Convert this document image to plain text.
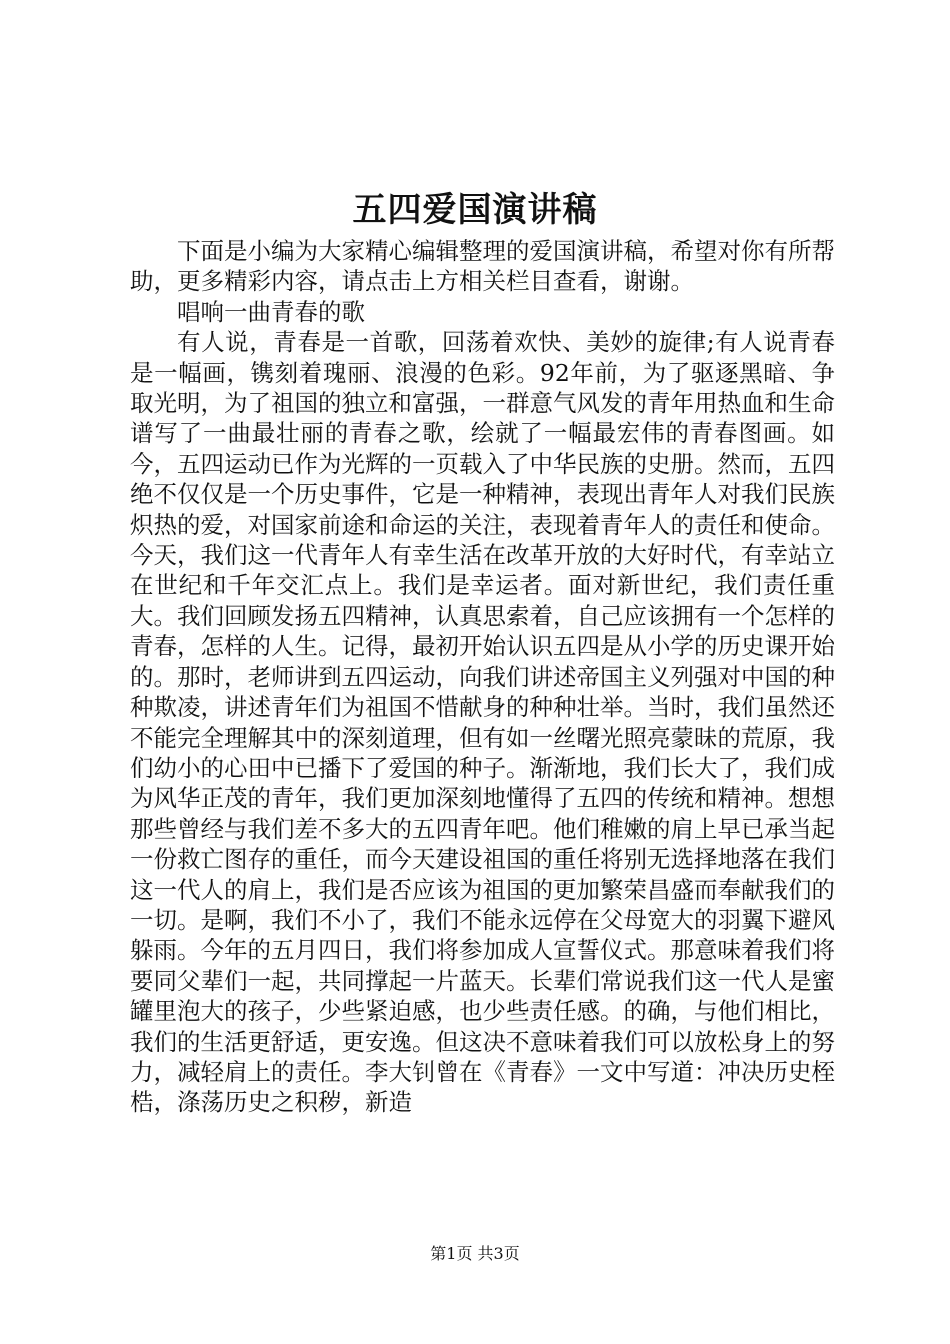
五四爱国演讲稿

下面是小编为大家精心编辑整理的爱国演讲稿，希望对你有所帮助，更多精彩内容，请点击上方相关栏目查看，谢谢。

唱响一曲青春的歌

有人说，青春是一首歌，回荡着欢快、美妙的旋律;有人说青春是一幅画，镌刻着瑰丽、浪漫的色彩。92年前，为了驱逐黑暗、争取光明，为了祖国的独立和富强，一群意气风发的青年用热血和生命谱写了一曲最壮丽的青春之歌，绘就了一幅最宏伟的青春图画。如今，五四运动已作为光辉的一页载入了中华民族的史册。然而，五四绝不仅仅是一个历史事件，它是一种精神，表现出青年人对我们民族炽热的爱，对国家前途和命运的关注，表现着青年人的责任和使命。今天，我们这一代青年人有幸生活在改革开放的大好时代，有幸站立在世纪和千年交汇点上。我们是幸运者。面对新世纪，我们责任重大。我们回顾发扬五四精神，认真思索着，自己应该拥有一个怎样的青春，怎样的人生。记得，最初开始认识五四是从小学的历史课开始的。那时，老师讲到五四运动，向我们讲述帝国主义列强对中国的种种欺凌，讲述青年们为祖国不惜献身的种种壮举。当时，我们虽然还不能完全理解其中的深刻道理，但有如一丝曙光照亮蒙昧的荒原，我们幼小的心田中已播下了爱国的种子。渐渐地，我们长大了，我们成为风华正茂的青年，我们更加深刻地懂得了五四的传统和精神。想想那些曾经与我们差不多大的五四青年吧。他们稚嫩的肩上早已承当起一份救亡图存的重任，而今天建设祖国的重任将别无选择地落在我们这一代人的肩上，我们是否应该为祖国的更加繁荣昌盛而奉献我们的一切。是啊，我们不小了，我们不能永远停在父母宽大的羽翼下避风躲雨。今年的五月四日，我们将参加成人宣誓仪式。那意味着我们将要同父辈们一起，共同撑起一片蓝天。长辈们常说我们这一代人是蜜罐里泡大的孩子，少些紧迫感，也少些责任感。的确，与他们相比，我们的生活更舒适，更安逸。但这决不意味着我们可以放松身上的努力，减轻肩上的责任。李大钊曾在《青春》一文中写道：冲决历史桎梏，涤荡历史之积秽，新造

第1页 共3页
